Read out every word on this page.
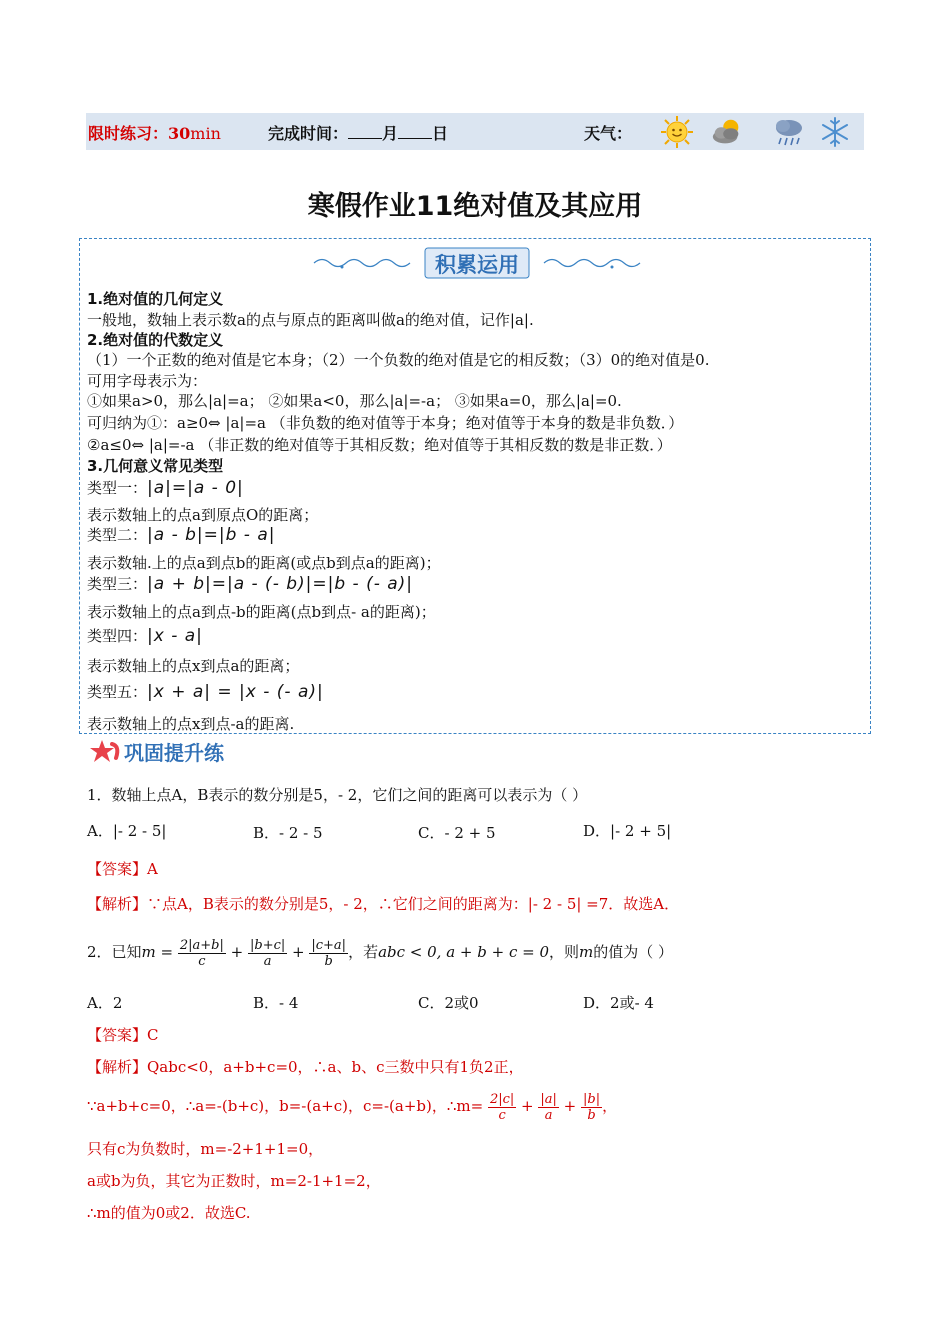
限时练习：30min	完成时间： 月 日	天气：
寒假作业11绝对值及其应用
积累运用
1.绝对值的几何定义
一般地，数轴上表示数a的点与原点的距离叫做a的绝对值，记作|a|.
2.绝对值的代数定义
（1）一个正数的绝对值是它本身；（2）一个负数的绝对值是它的相反数；（3）0的绝对值是0.
可用字母表示为：
①如果a>0，那么|a|=a； ②如果a<0，那么|a|=-a； ③如果a=0，那么|a|=0.
可归纳为①：a≥0⇔ |a|=a （非负数的绝对值等于本身；绝对值等于本身的数是非负数．）
②a≤0⇔ |a|=-a （非正数的绝对值等于其相反数；绝对值等于其相反数的数是非正数．）
3.几何意义常见类型
类型一：|a|=|a - 0|
表示数轴上的点a到原点O的距离；
类型二：|a - b|=|b - a|
表示数轴.上的点a到点b的距离(或点b到点a的距离)；
类型三：|a + b|=|a - (- b)|=|b - (- a)|
表示数轴上的点a到点-b的距离(点b到点- a的距离)；
类型四：|x - a|
表示数轴上的点x到点a的距离；
类型五：|x + a| = |x - (- a)|
表示数轴上的点x到点-a的距离.
巩固提升练
1．数轴上点A，B表示的数分别是5，- 2，它们之间的距离可以表示为（ ）
A．|- 2 - 5|	B．- 2 - 5	C．- 2 + 5	D．|- 2 + 5|
【答案】A
【解析】∵点A，B表示的数分别是5，- 2，∴它们之间的距离为：|- 2 - 5| =7．故选A．
2．已知$m = \frac{2|a+b|}{c} + \frac{|b+c|}{a} + \frac{|c+a|}{b}$ ，若abc < 0, a + b + c = 0，则m的值为（ ）
A．2	B．- 4	C．2或0	D．2或- 4
【答案】C
【解析】Qabc<0，a+b+c=0，∴a、b、c三数中只有1负2正，
∵a+b+c=0，∴a=-(b+c)，b=-(a+c)，c=-(a+b)，∴m= $\frac{2|c|}{c} + \frac{|a|}{a} + \frac{|b|}{b}$ ，
只有c为负数时，m=-2+1+1=0，
a或b为负，其它为正数时，m=2-1+1=2，
∴m的值为0或2．故选C.
